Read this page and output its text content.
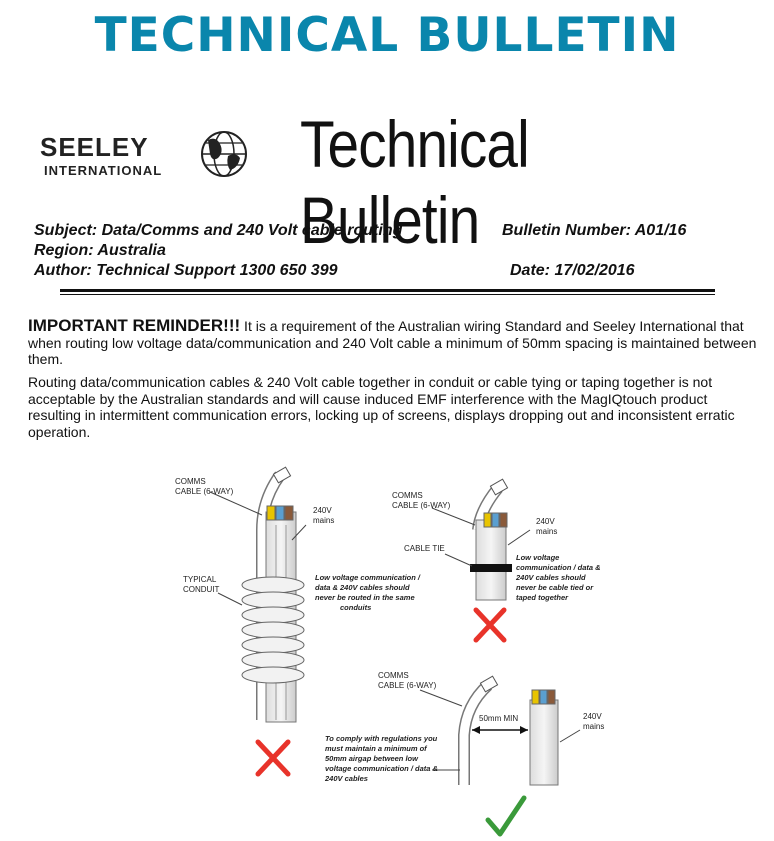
TECHNICAL BULLETIN
SEELEY
INTERNATIONAL Technical Bulletin
Subject: Data/Comms and 240 Volt cable routing
Region: Australia
Author: Technical Support 1300 650 399
Bulletin Number: A01/16
Date: 17/02/2016
IMPORTANT REMINDER!!! It is a requirement of the Australian wiring Standard and Seeley International that when routing low voltage data/communication and 240 Volt cable a minimum of 50mm spacing is maintained between them.
Routing data/communication cables & 240 Volt cable together in conduit or cable tying or taping together is not acceptable by the Australian standards and will cause induced EMF interference with the MagIQtouch product resulting in intermittent communication errors, locking up of screens, displays dropping out and inconsistent erratic operation.
COMMS
CABLE (6-WAY)
240V
mains
TYPICAL
CONDUIT
Low voltage communication /
data & 240V cables should
never be routed in the same
conduits
COMMS
CABLE (6-WAY)
240V
mains
CABLE TIE
Low voltage
communication / data &
240V cables should
never be cable tied or
taped together
COMMS
CABLE (6-WAY)
240V
mains
50mm MIN
To comply with regulations you
must maintain a minimum of
50mm airgap between low
voltage communication / data &
240V cables
